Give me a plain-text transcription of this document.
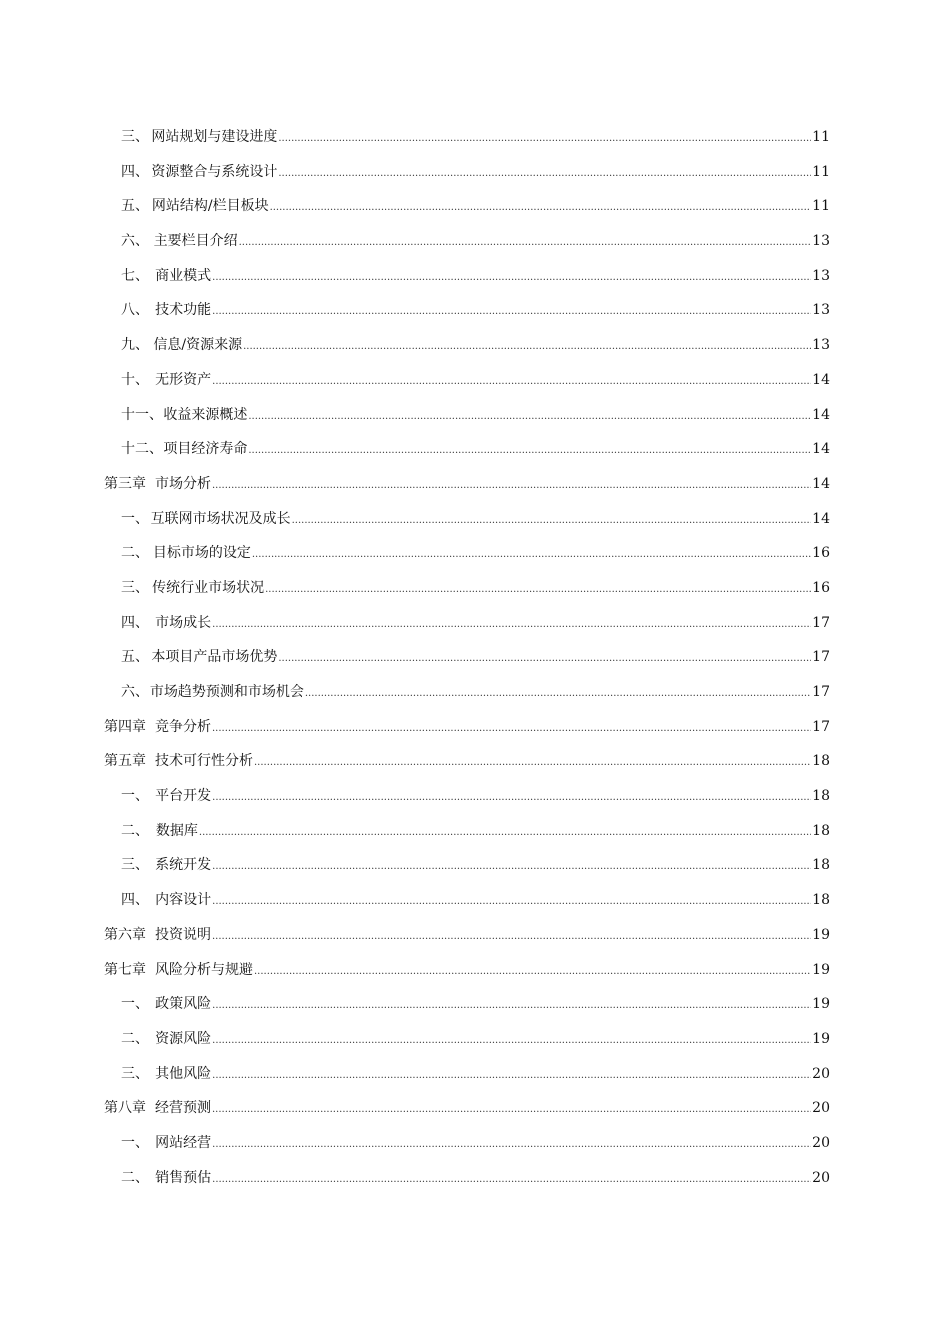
三、 网站规划与建设进度 .....	11
四、 资源整合与系统设计 .....	11
五、 网站结构/栏目板块 .....	11
六、 主要栏目介绍 .....	13
七、 商业模式 .....	13
八、 技术功能 .....	13
九、 信息/资源来源 .....	13
十、 无形资产 .....	14
十一、 收益来源概述 .....	14
十二、 项目经济寿命 .....	14
第三章 市场分析 .....	14
一、 互联网市场状况及成长 .....	14
二、 目标市场的设定 .....	16
三、 传统行业市场状况 .....	16
四、 市场成长 .....	17
五、 本项目产品市场优势 .....	17
六、 市场趋势预测和市场机会 .....	17
第四章 竞争分析 .....	17
第五章 技术可行性分析 .....	18
一、 平台开发 .....	18
二、 数据库 .....	18
三、 系统开发 .....	18
四、 内容设计 .....	18
第六章 投资说明 .....	19
第七章 风险分析与规避 .....	19
一、 政策风险 .....	19
二、 资源风险 .....	19
三、 其他风险 .....	20
第八章 经营预测 .....	20
一、 网站经营 .....	20
二、 销售预估 .....	20
